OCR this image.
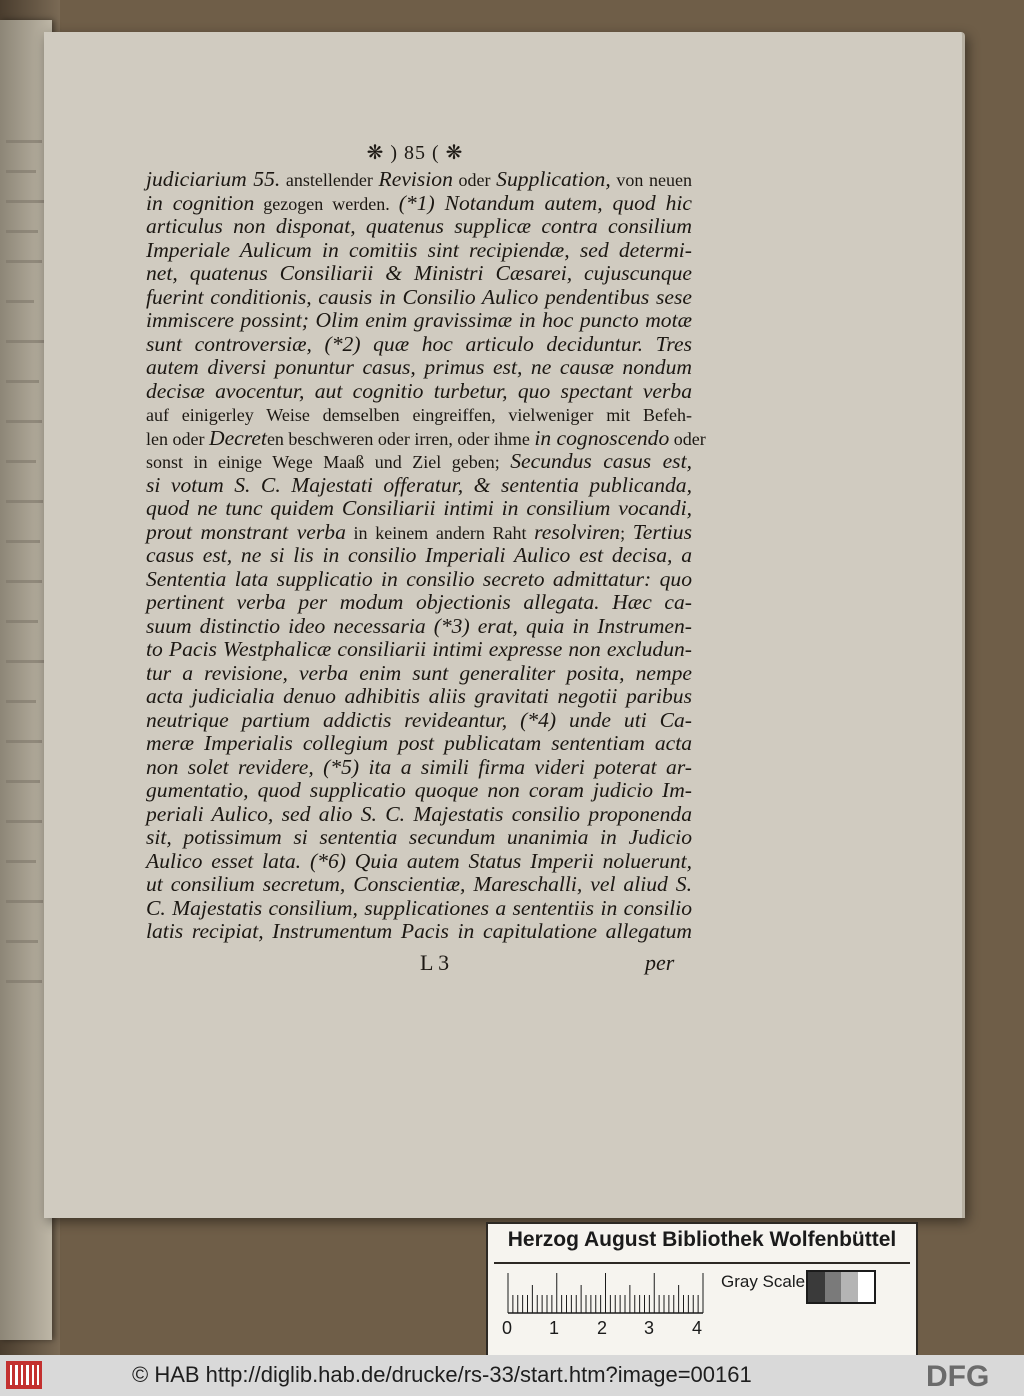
❋ ) 85 ( ❋
judiciarium 55. anstellender Revision oder Supplication, von neuen
in cognition gezogen werden. (*1) Notandum autem, quod hic
articulus non disponat, quatenus supplicæ contra consilium
Imperiale Aulicum in comitiis sint recipiendæ, sed determi-
net, quatenus Consiliarii & Ministri Cæsarei, cujuscunque
fuerint conditionis, causis in Consilio Aulico pendentibus sese
immiscere possint; Olim enim gravissimæ in hoc puncto motæ
sunt controversiæ, (*2) quæ hoc articulo deciduntur. Tres
autem diversi ponuntur casus, primus est, ne causæ nondum
decisæ avocentur, aut cognitio turbetur, quo spectant verba
auf einigerley Weise demselben eingreiffen, vielweniger mit Befeh-
len oder Decreten beschweren oder irren, oder ihme in cognoscendo oder
sonst in einige Wege Maaß und Ziel geben; Secundus casus est,
si votum S. C. Majestati offeratur, & sententia publicanda,
quod ne tunc quidem Consiliarii intimi in consilium vocandi,
prout monstrant verba in keinem andern Raht resolviren; Tertius
casus est, ne si lis in consilio Imperiali Aulico est decisa, a
Sententia lata supplicatio in consilio secreto admittatur: quo
pertinent verba per modum objectionis allegata. Hæc ca-
suum distinctio ideo necessaria (*3) erat, quia in Instrumen-
to Pacis Westphalicæ consiliarii intimi expresse non excludun-
tur a revisione, verba enim sunt generaliter posita, nempe
acta judicialia denuo adhibitis aliis gravitati negotii paribus
neutrique partium addictis revideantur, (*4) unde uti Ca-
meræ Imperialis collegium post publicatam sententiam acta
non solet revidere, (*5) ita a simili firma videri poterat ar-
gumentatio, quod supplicatio quoque non coram judicio Im-
periali Aulico, sed alio S. C. Majestatis consilio proponenda
sit, potissimum si sententia secundum unanimia in Judicio
Aulico esset lata. (*6) Quia autem Status Imperii noluerunt,
ut consilium secretum, Conscientiæ, Mareschalli, vel aliud S.
C. Majestatis consilium, supplicationes a sententiis in consilio
latis recipiat, Instrumentum Pacis in capitulatione allegatum
L 3	per
Herzog August Bibliothek Wolfenbüttel
0 1 2 3 4
Gray Scale
© HAB http://diglib.hab.de/drucke/rs-33/start.htm?image=00161	DFG
